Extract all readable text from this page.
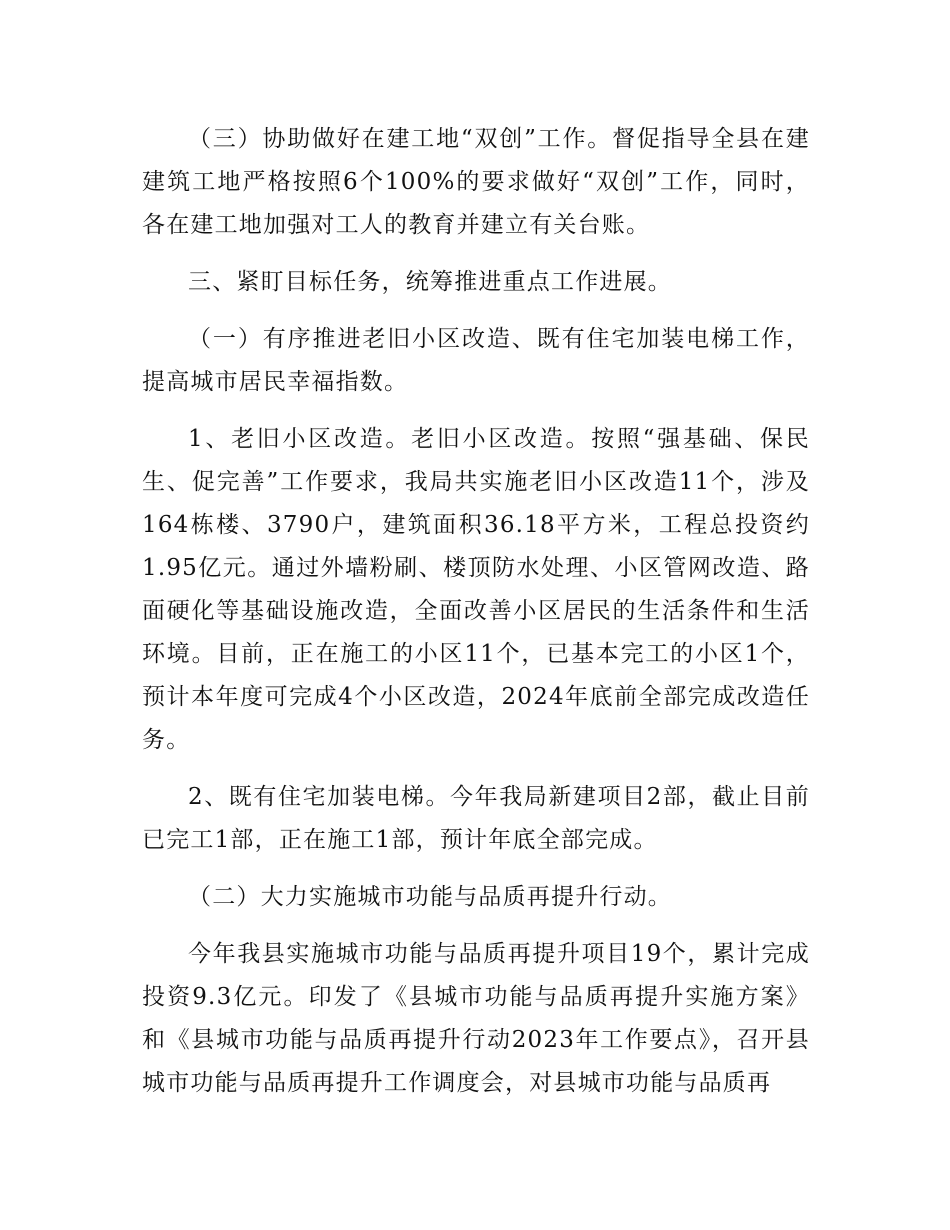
（三）协助做好在建工地“双创”工作。督促指导全县在建建筑工地严格按照6个100%的要求做好“双创”工作，同时，各在建工地加强对工人的教育并建立有关台账。

三、紧盯目标任务，统筹推进重点工作进展。

（一）有序推进老旧小区改造、既有住宅加装电梯工作，提高城市居民幸福指数。

1、老旧小区改造。老旧小区改造。按照“强基础、保民生、促完善”工作要求，我局共实施老旧小区改造11个，涉及164栋楼、3790户，建筑面积36.18平方米，工程总投资约1.95亿元。通过外墙粉刷、楼顶防水处理、小区管网改造、路面硬化等基础设施改造，全面改善小区居民的生活条件和生活环境。目前，正在施工的小区11个，已基本完工的小区1个，预计本年度可完成4个小区改造，2024年底前全部完成改造任务。

2、既有住宅加装电梯。今年我局新建项目2部，截止目前已完工1部，正在施工1部，预计年底全部完成。

（二）大力实施城市功能与品质再提升行动。

今年我县实施城市功能与品质再提升项目19个，累计完成投资9.3亿元。印发了《县城市功能与品质再提升实施方案》和《县城市功能与品质再提升行动2023年工作要点》，召开县城市功能与品质再提升工作调度会，对县城市功能与品质再
